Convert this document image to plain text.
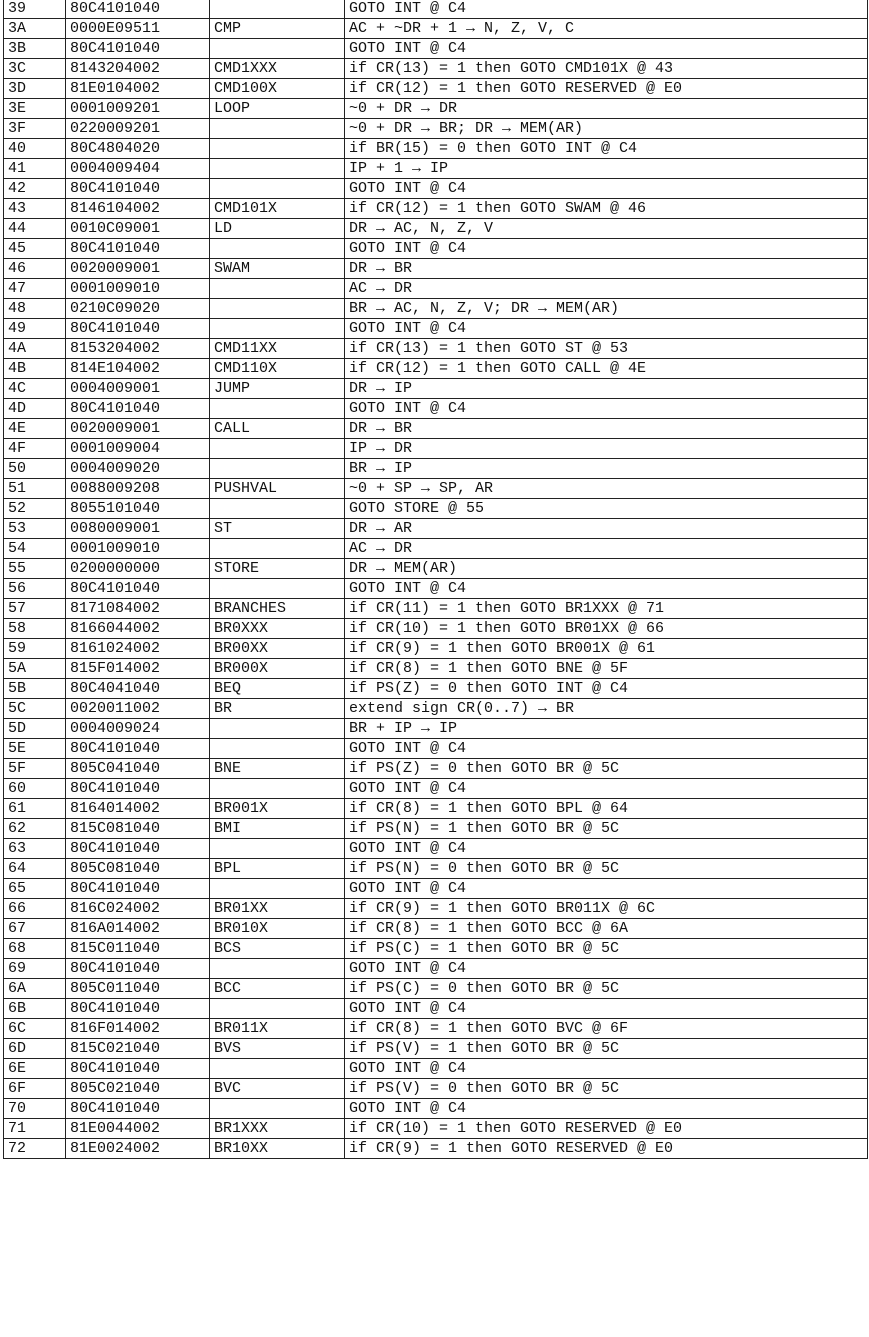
39	80C4101040		GOTO INT @ C4
3A	0000E09511	CMP	AC + ~DR + 1 → N, Z, V, C
3B	80C4101040		GOTO INT @ C4
3C	8143204002	CMD1XXX	if CR(13) = 1 then GOTO CMD101X @ 43
3D	81E0104002	CMD100X	if CR(12) = 1 then GOTO RESERVED @ E0
3E	0001009201	LOOP	~0 + DR → DR
3F	0220009201		~0 + DR → BR; DR → MEM(AR)
40	80C4804020		if BR(15) = 0 then GOTO INT @ C4
41	0004009404		IP + 1 → IP
42	80C4101040		GOTO INT @ C4
43	8146104002	CMD101X	if CR(12) = 1 then GOTO SWAM @ 46
44	0010C09001	LD	DR → AC, N, Z, V
45	80C4101040		GOTO INT @ C4
46	0020009001	SWAM	DR → BR
47	0001009010		AC → DR
48	0210C09020		BR → AC, N, Z, V; DR → MEM(AR)
49	80C4101040		GOTO INT @ C4
4A	8153204002	CMD11XX	if CR(13) = 1 then GOTO ST @ 53
4B	814E104002	CMD110X	if CR(12) = 1 then GOTO CALL @ 4E
4C	0004009001	JUMP	DR → IP
4D	80C4101040		GOTO INT @ C4
4E	0020009001	CALL	DR → BR
4F	0001009004		IP → DR
50	0004009020		BR → IP
51	0088009208	PUSHVAL	~0 + SP → SP, AR
52	8055101040		GOTO STORE @ 55
53	0080009001	ST	DR → AR
54	0001009010		AC → DR
55	0200000000	STORE	DR → MEM(AR)
56	80C4101040		GOTO INT @ C4
57	8171084002	BRANCHES	if CR(11) = 1 then GOTO BR1XXX @ 71
58	8166044002	BR0XXX	if CR(10) = 1 then GOTO BR01XX @ 66
59	8161024002	BR00XX	if CR(9) = 1 then GOTO BR001X @ 61
5A	815F014002	BR000X	if CR(8) = 1 then GOTO BNE @ 5F
5B	80C4041040	BEQ	if PS(Z) = 0 then GOTO INT @ C4
5C	0020011002	BR	extend sign CR(0..7) → BR
5D	0004009024		BR + IP → IP
5E	80C4101040		GOTO INT @ C4
5F	805C041040	BNE	if PS(Z) = 0 then GOTO BR @ 5C
60	80C4101040		GOTO INT @ C4
61	8164014002	BR001X	if CR(8) = 1 then GOTO BPL @ 64
62	815C081040	BMI	if PS(N) = 1 then GOTO BR @ 5C
63	80C4101040		GOTO INT @ C4
64	805C081040	BPL	if PS(N) = 0 then GOTO BR @ 5C
65	80C4101040		GOTO INT @ C4
66	816C024002	BR01XX	if CR(9) = 1 then GOTO BR011X @ 6C
67	816A014002	BR010X	if CR(8) = 1 then GOTO BCC @ 6A
68	815C011040	BCS	if PS(C) = 1 then GOTO BR @ 5C
69	80C4101040		GOTO INT @ C4
6A	805C011040	BCC	if PS(C) = 0 then GOTO BR @ 5C
6B	80C4101040		GOTO INT @ C4
6C	816F014002	BR011X	if CR(8) = 1 then GOTO BVC @ 6F
6D	815C021040	BVS	if PS(V) = 1 then GOTO BR @ 5C
6E	80C4101040		GOTO INT @ C4
6F	805C021040	BVC	if PS(V) = 0 then GOTO BR @ 5C
70	80C4101040		GOTO INT @ C4
71	81E0044002	BR1XXX	if CR(10) = 1 then GOTO RESERVED @ E0
72	81E0024002	BR10XX	if CR(9) = 1 then GOTO RESERVED @ E0
